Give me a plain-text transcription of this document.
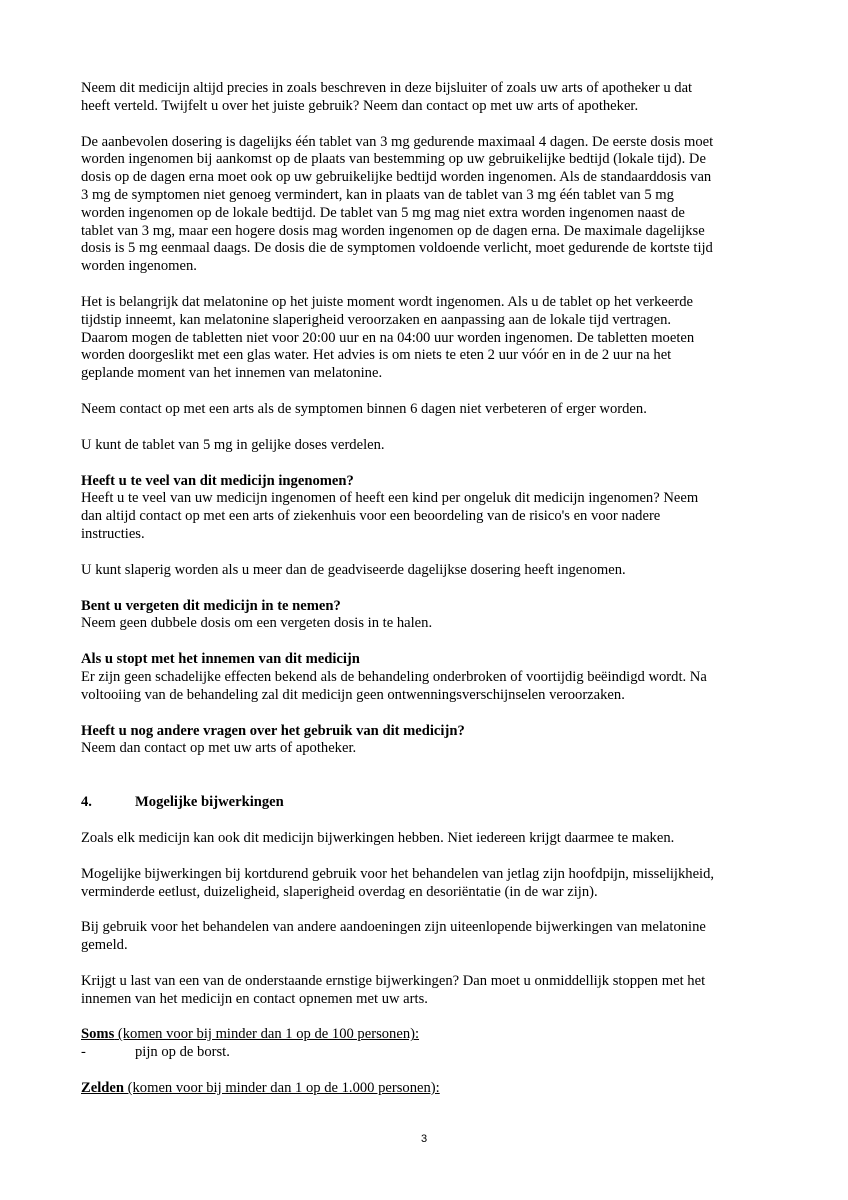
Neem dit medicijn altijd precies in zoals beschreven in deze bijsluiter of zoals uw arts of apotheker u dat
heeft verteld. Twijfelt u over het juiste gebruik? Neem dan contact op met uw arts of apotheker.

De aanbevolen dosering is dagelijks één tablet van 3 mg gedurende maximaal 4 dagen. De eerste dosis moet
worden ingenomen bij aankomst op de plaats van bestemming op uw gebruikelijke bedtijd (lokale tijd). De
dosis op de dagen erna moet ook op uw gebruikelijke bedtijd worden ingenomen. Als de standaarddosis van
3 mg de symptomen niet genoeg vermindert, kan in plaats van de tablet van 3 mg één tablet van 5 mg
worden ingenomen op de lokale bedtijd. De tablet van 5 mg mag niet extra worden ingenomen naast de
tablet van 3 mg, maar een hogere dosis mag worden ingenomen op de dagen erna. De maximale dagelijkse
dosis is 5 mg eenmaal daags. De dosis die de symptomen voldoende verlicht, moet gedurende de kortste tijd
worden ingenomen.

Het is belangrijk dat melatonine op het juiste moment wordt ingenomen. Als u de tablet op het verkeerde
tijdstip inneemt, kan melatonine slaperigheid veroorzaken en aanpassing aan de lokale tijd vertragen.
Daarom mogen de tabletten niet voor 20:00 uur en na 04:00 uur worden ingenomen. De tabletten moeten
worden doorgeslikt met een glas water. Het advies is om niets te eten 2 uur vóór en in de 2 uur na het
geplande moment van het innemen van melatonine.

Neem contact op met een arts als de symptomen binnen 6 dagen niet verbeteren of erger worden.

U kunt de tablet van 5 mg in gelijke doses verdelen.

Heeft u te veel van dit medicijn ingenomen?

Heeft u te veel van uw medicijn ingenomen of heeft een kind per ongeluk dit medicijn ingenomen? Neem
dan altijd contact op met een arts of ziekenhuis voor een beoordeling van de risico's en voor nadere
instructies.

U kunt slaperig worden als u meer dan de geadviseerde dagelijkse dosering heeft ingenomen.

Bent u vergeten dit medicijn in te nemen?

Neem geen dubbele dosis om een vergeten dosis in te halen.

Als u stopt met het innemen van dit medicijn

Er zijn geen schadelijke effecten bekend als de behandeling onderbroken of voortijdig beëindigd wordt. Na
voltooiing van de behandeling zal dit medicijn geen ontwenningsverschijnselen veroorzaken.

Heeft u nog andere vragen over het gebruik van dit medicijn?

Neem dan contact op met uw arts of apotheker.

4.	Mogelijke bijwerkingen

Zoals elk medicijn kan ook dit medicijn bijwerkingen hebben. Niet iedereen krijgt daarmee te maken.

Mogelijke bijwerkingen bij kortdurend gebruik voor het behandelen van jetlag zijn hoofdpijn, misselijkheid,
verminderde eetlust, duizeligheid, slaperigheid overdag en desoriëntatie (in de war zijn).

Bij gebruik voor het behandelen van andere aandoeningen zijn uiteenlopende bijwerkingen van melatonine
gemeld.

Krijgt u last van een van de onderstaande ernstige bijwerkingen? Dan moet u onmiddellijk stoppen met het
innemen van het medicijn en contact opnemen met uw arts.

Soms (komen voor bij minder dan 1 op de 100 personen):
-	pijn op de borst.
Zelden (komen voor bij minder dan 1 op de 1.000 personen):
3
